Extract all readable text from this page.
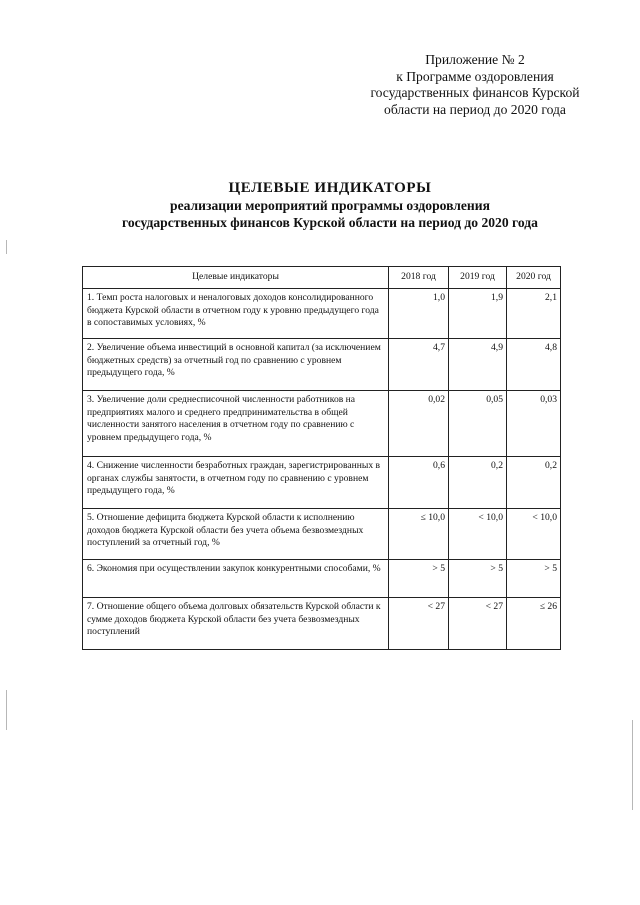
Приложение № 2
к Программе оздоровления
государственных финансов Курской
области на период до 2020 года
ЦЕЛЕВЫЕ ИНДИКАТОРЫ
реализации мероприятий программы оздоровления
государственных финансов Курской области на период до 2020 года
Целевые индикаторы	2018 год	2019 год	2020 год
1. Темп роста налоговых и неналоговых доходов консолидированного бюджета Курской области в отчетном году к уровню предыдущего года в сопоставимых условиях, %	1,0	1,9	2,1
2. Увеличение объема инвестиций в основной капитал (за исключением бюджетных средств) за отчетный год по сравнению с уровнем предыдущего года, %	4,7	4,9	4,8
3. Увеличение доли среднесписочной численности работников на предприятиях малого и среднего предпринимательства в общей численности занятого населения в отчетном году по сравнению с уровнем предыдущего года, %	0,02	0,05	0,03
4. Снижение численности безработных граждан, зарегистрированных в органах службы занятости, в отчетном году по сравнению с уровнем предыдущего года, %	0,6	0,2	0,2
5. Отношение дефицита бюджета Курской области к исполнению доходов бюджета Курской области без учета объема безвозмездных поступлений за отчетный год, %	≤ 10,0	< 10,0	< 10,0
6. Экономия при осуществлении закупок конкурентными способами, %	> 5	> 5	> 5
7. Отношение общего объема долговых обязательств Курской области к сумме доходов бюджета Курской области без учета безвозмездных поступлений	< 27	< 27	≤ 26
